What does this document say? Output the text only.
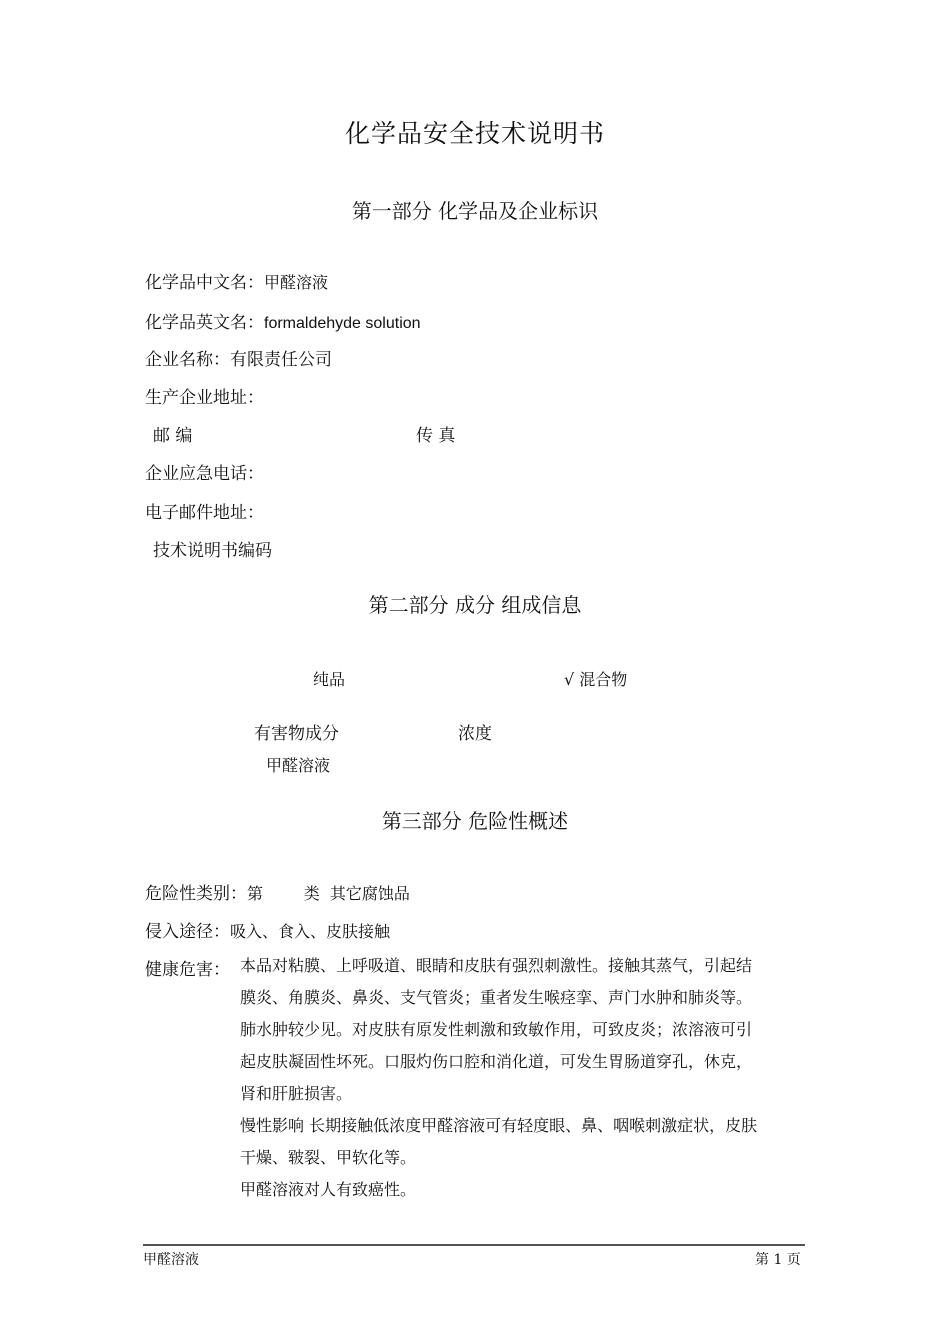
化学品安全技术说明书
第一部分 化学品及企业标识
化学品中文名：甲醛溶液
化学品英文名：formaldehyde solution
企业名称：有限责任公司
生产企业地址：
邮 编	传 真
企业应急电话：
电子邮件地址：
技术说明书编码
第二部分 成分 组成信息
纯品	√ 混合物
有害物成分	浓度
甲醛溶液
第三部分 危险性概述
危险性类别：第        类  其它腐蚀品
侵入途径：吸入、食入、皮肤接触
健康危害： 本品对粘膜、上呼吸道、眼睛和皮肤有强烈刺激性。接触其蒸气，引起结
膜炎、角膜炎、鼻炎、支气管炎；重者发生喉痉挛、声门水肿和肺炎等。
肺水肿较少见。对皮肤有原发性刺激和致敏作用，可致皮炎；浓溶液可引
起皮肤凝固性坏死。口服灼伤口腔和消化道，可发生胃肠道穿孔，休克，
肾和肝脏损害。
慢性影响 长期接触低浓度甲醛溶液可有轻度眼、鼻、咽喉刺激症状，皮肤
干燥、皲裂、甲软化等。
甲醛溶液对人有致癌性。
甲醛溶液	第 1 页
